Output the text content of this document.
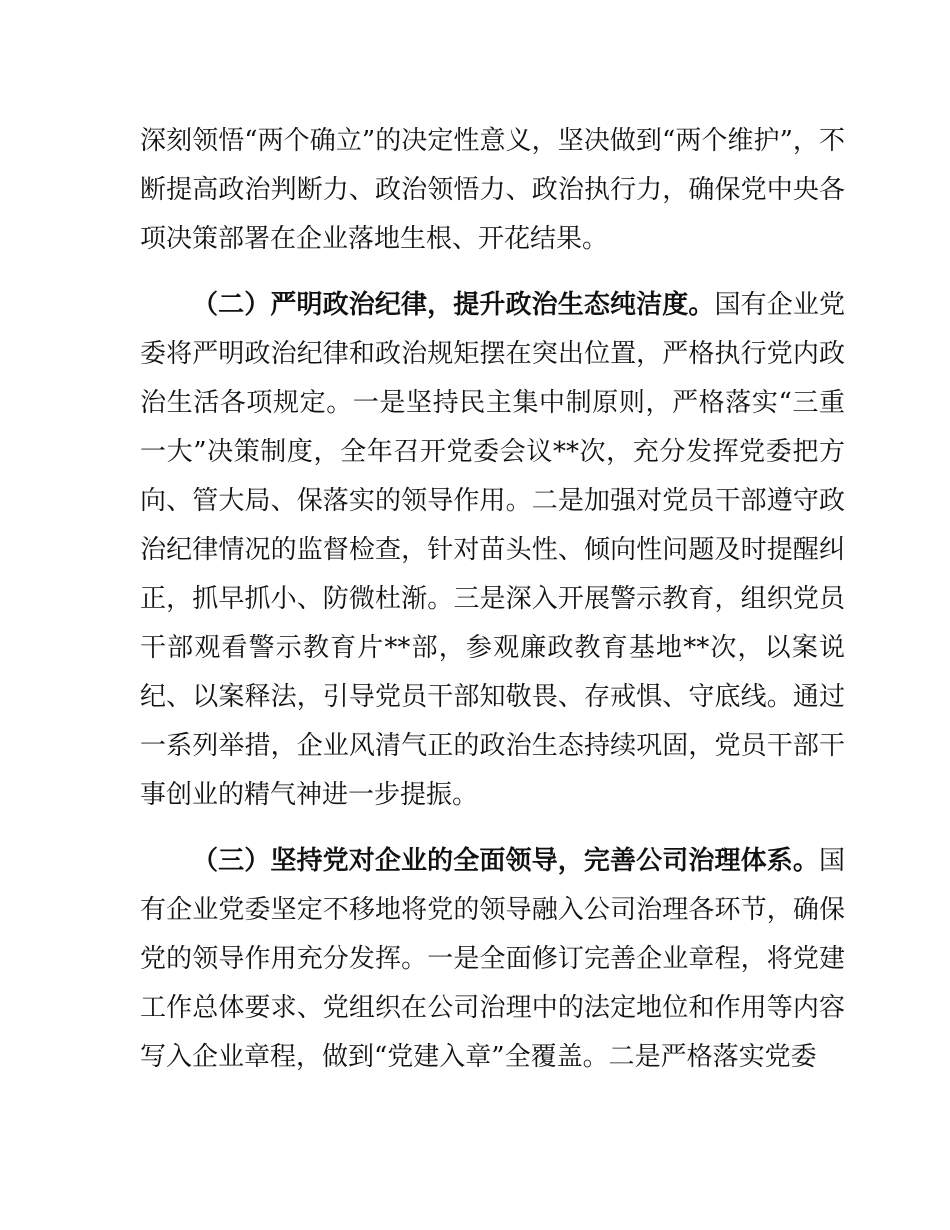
深刻领悟“两个确立”的决定性意义，坚决做到“两个维护”，不断提高政治判断力、政治领悟力、政治执行力，确保党中央各项决策部署在企业落地生根、开花结果。

（二）严明政治纪律，提升政治生态纯洁度。国有企业党委将严明政治纪律和政治规矩摆在突出位置，严格执行党内政治生活各项规定。一是坚持民主集中制原则，严格落实“三重一大”决策制度，全年召开党委会议**次，充分发挥党委把方向、管大局、保落实的领导作用。二是加强对党员干部遵守政治纪律情况的监督检查，针对苗头性、倾向性问题及时提醒纠正，抓早抓小、防微杜渐。三是深入开展警示教育，组织党员干部观看警示教育片**部，参观廉政教育基地**次，以案说纪、以案释法，引导党员干部知敬畏、存戒惧、守底线。通过一系列举措，企业风清气正的政治生态持续巩固，党员干部干事创业的精气神进一步提振。

（三）坚持党对企业的全面领导，完善公司治理体系。国有企业党委坚定不移地将党的领导融入公司治理各环节，确保党的领导作用充分发挥。一是全面修订完善企业章程，将党建工作总体要求、党组织在公司治理中的法定地位和作用等内容写入企业章程，做到“党建入章”全覆盖。二是严格落实党委
